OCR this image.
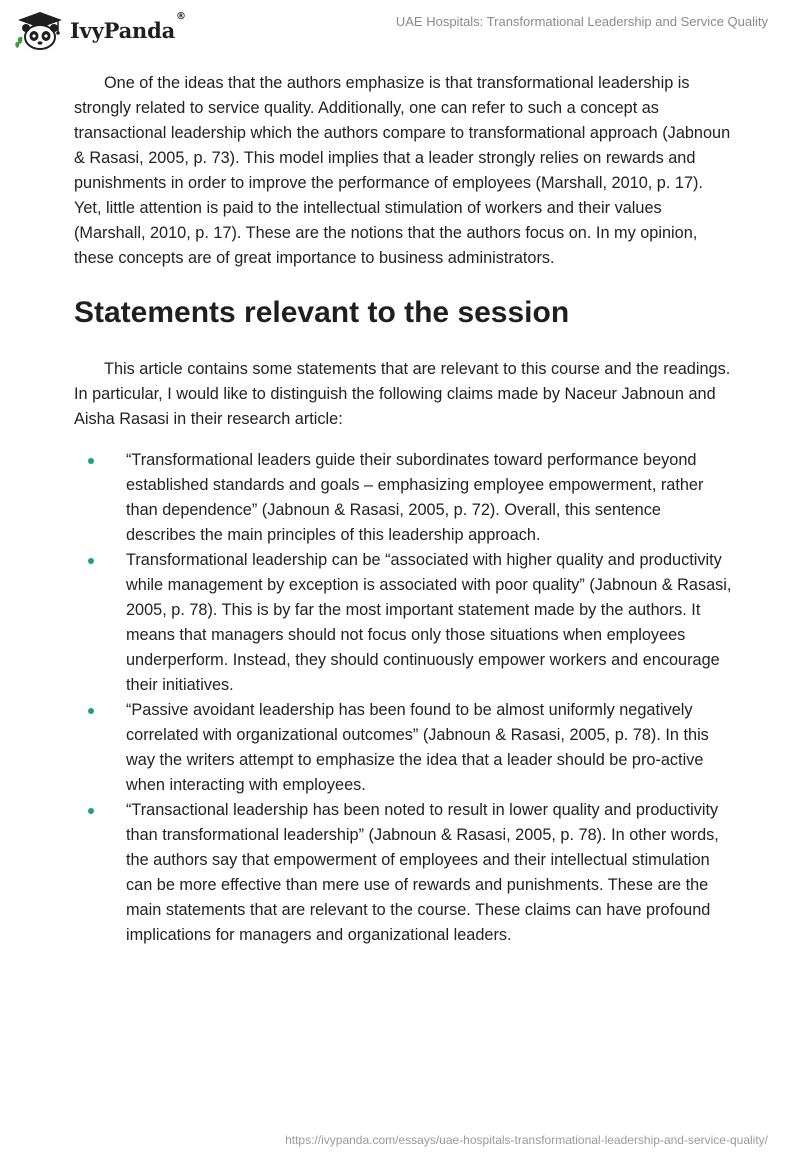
IvyPanda®	UAE Hospitals: Transformational Leadership and Service Quality

One of the ideas that the authors emphasize is that transformational leadership is strongly related to service quality. Additionally, one can refer to such a concept as transactional leadership which the authors compare to transformational approach (Jabnoun & Rasasi, 2005, p. 73). This model implies that a leader strongly relies on rewards and punishments in order to improve the performance of employees (Marshall, 2010, p. 17). Yet, little attention is paid to the intellectual stimulation of workers and their values (Marshall, 2010, p. 17). These are the notions that the authors focus on. In my opinion, these concepts are of great importance to business administrators.

Statements relevant to the session

This article contains some statements that are relevant to this course and the readings. In particular, I would like to distinguish the following claims made by Naceur Jabnoun and Aisha Rasasi in their research article:

“Transformational leaders guide their subordinates toward performance beyond established standards and goals – emphasizing employee empowerment, rather than dependence” (Jabnoun & Rasasi, 2005, p. 72). Overall, this sentence describes the main principles of this leadership approach.
Transformational leadership can be “associated with higher quality and productivity while management by exception is associated with poor quality” (Jabnoun & Rasasi, 2005, p. 78). This is by far the most important statement made by the authors. It means that managers should not focus only those situations when employees underperform. Instead, they should continuously empower workers and encourage their initiatives.
“Passive avoidant leadership has been found to be almost uniformly negatively correlated with organizational outcomes” (Jabnoun & Rasasi, 2005, p. 78). In this way the writers attempt to emphasize the idea that a leader should be pro-active when interacting with employees.
“Transactional leadership has been noted to result in lower quality and productivity than transformational leadership” (Jabnoun & Rasasi, 2005, p. 78). In other words, the authors say that empowerment of employees and their intellectual stimulation can be more effective than mere use of rewards and punishments. These are the main statements that are relevant to the course. These claims can have profound implications for managers and organizational leaders.
https://ivypanda.com/essays/uae-hospitals-transformational-leadership-and-service-quality/
